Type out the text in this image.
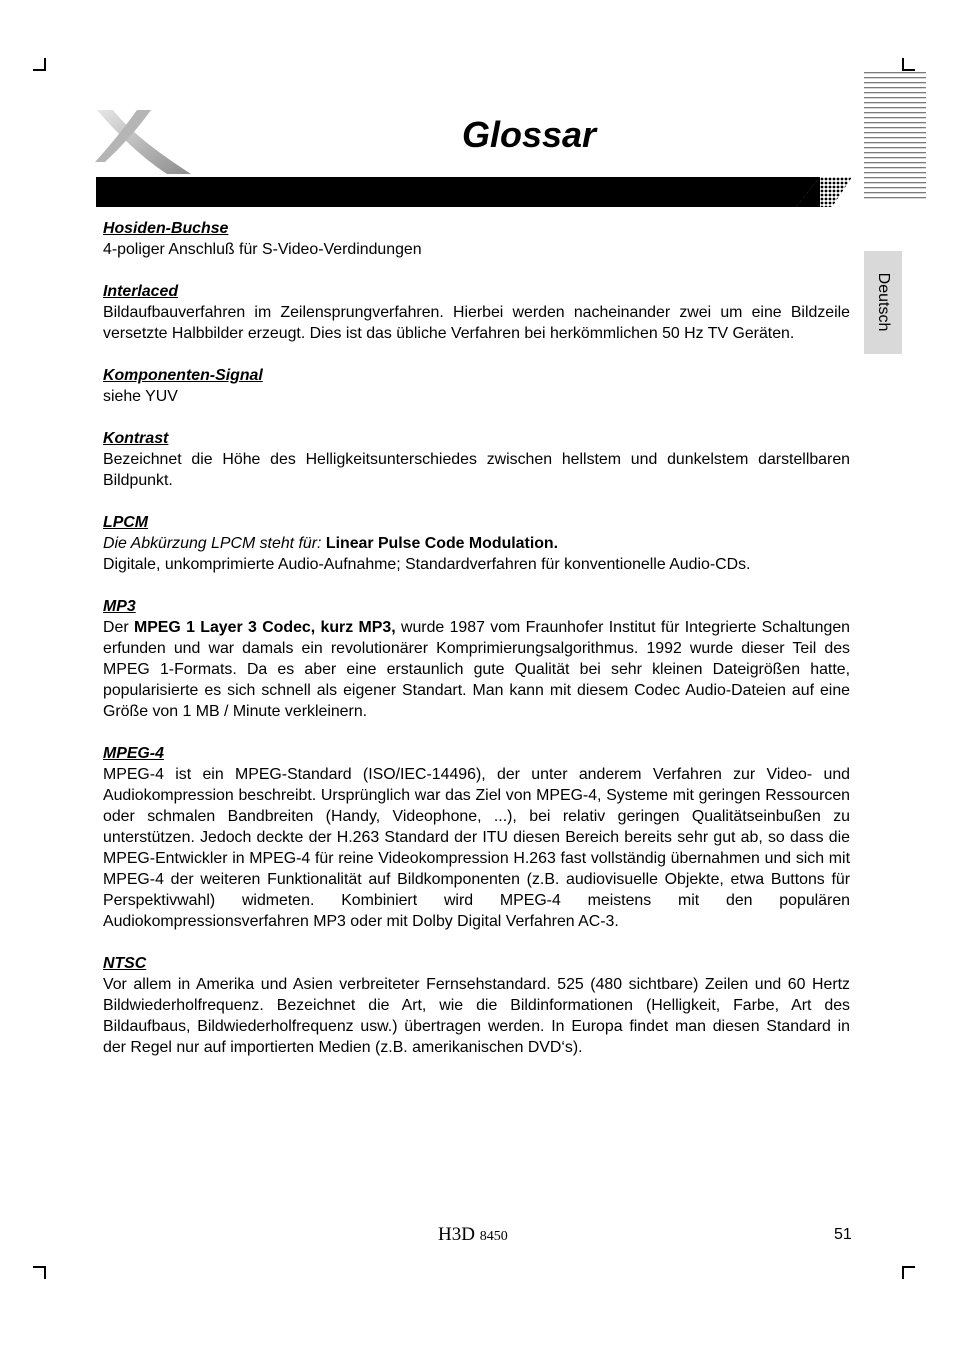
Glossar
Deutsch
Hosiden-Buchse

4-poliger Anschluß für S-Video-Verdindungen

Interlaced

Bildaufbauverfahren im Zeilensprungverfahren. Hierbei werden nacheinander zwei um eine Bildzeile versetzte Halbbilder erzeugt. Dies ist das übliche Verfahren bei herkömmlichen 50 Hz TV Geräten.

Komponenten-Signal

siehe YUV

Kontrast

Bezeichnet die Höhe des Helligkeitsunterschiedes zwischen hellstem und dunkelstem darstellbaren Bildpunkt.

LPCM

Die Abkürzung LPCM steht für: Linear Pulse Code Modulation.

Digitale, unkomprimierte Audio-Aufnahme; Standardverfahren für konventionelle Audio-CDs.

MP3

Der MPEG 1 Layer 3 Codec, kurz MP3, wurde 1987 vom Fraunhofer Institut für Integrierte Schaltungen erfunden und war damals ein revolutionärer Komprimierungsalgorithmus. 1992 wurde dieser Teil des MPEG 1-Formats. Da es aber eine erstaunlich gute Qualität bei sehr kleinen Dateigrößen hatte, popularisierte es sich schnell als eigener Standart. Man kann mit diesem Codec Audio-Dateien auf eine Größe von 1 MB / Minute verkleinern.

MPEG-4

MPEG-4 ist ein MPEG-Standard (ISO/IEC-14496), der unter anderem Verfahren zur Video- und Audiokompression beschreibt. Ursprünglich war das Ziel von MPEG-4, Systeme mit geringen Ressourcen oder schmalen Bandbreiten (Handy, Videophone, ...), bei relativ geringen Qualitätseinbußen zu unterstützen. Jedoch deckte der H.263 Standard der ITU diesen Bereich bereits sehr gut ab, so dass die MPEG-Entwickler in MPEG-4 für reine Videokompression H.263 fast vollständig übernahmen und sich mit MPEG-4 der weiteren Funktionalität auf Bildkomponenten (z.B. audiovisuelle Objekte, etwa Buttons für Perspektivwahl) widmeten. Kombiniert wird MPEG-4 meistens mit den populären Audiokompressionsverfahren MP3 oder mit Dolby Digital Verfahren AC-3.

NTSC

Vor allem in Amerika und Asien verbreiteter Fernsehstandard. 525 (480 sichtbare) Zeilen und 60 Hertz Bildwiederholfrequenz. Bezeichnet die Art, wie die Bildinformationen (Helligkeit, Farbe, Art des Bildaufbaus, Bildwiederholfrequenz usw.) übertragen werden. In Europa findet man diesen Standard in der Regel nur auf importierten Medien (z.B. amerikanischen DVD‘s).

H3D 8450	51
